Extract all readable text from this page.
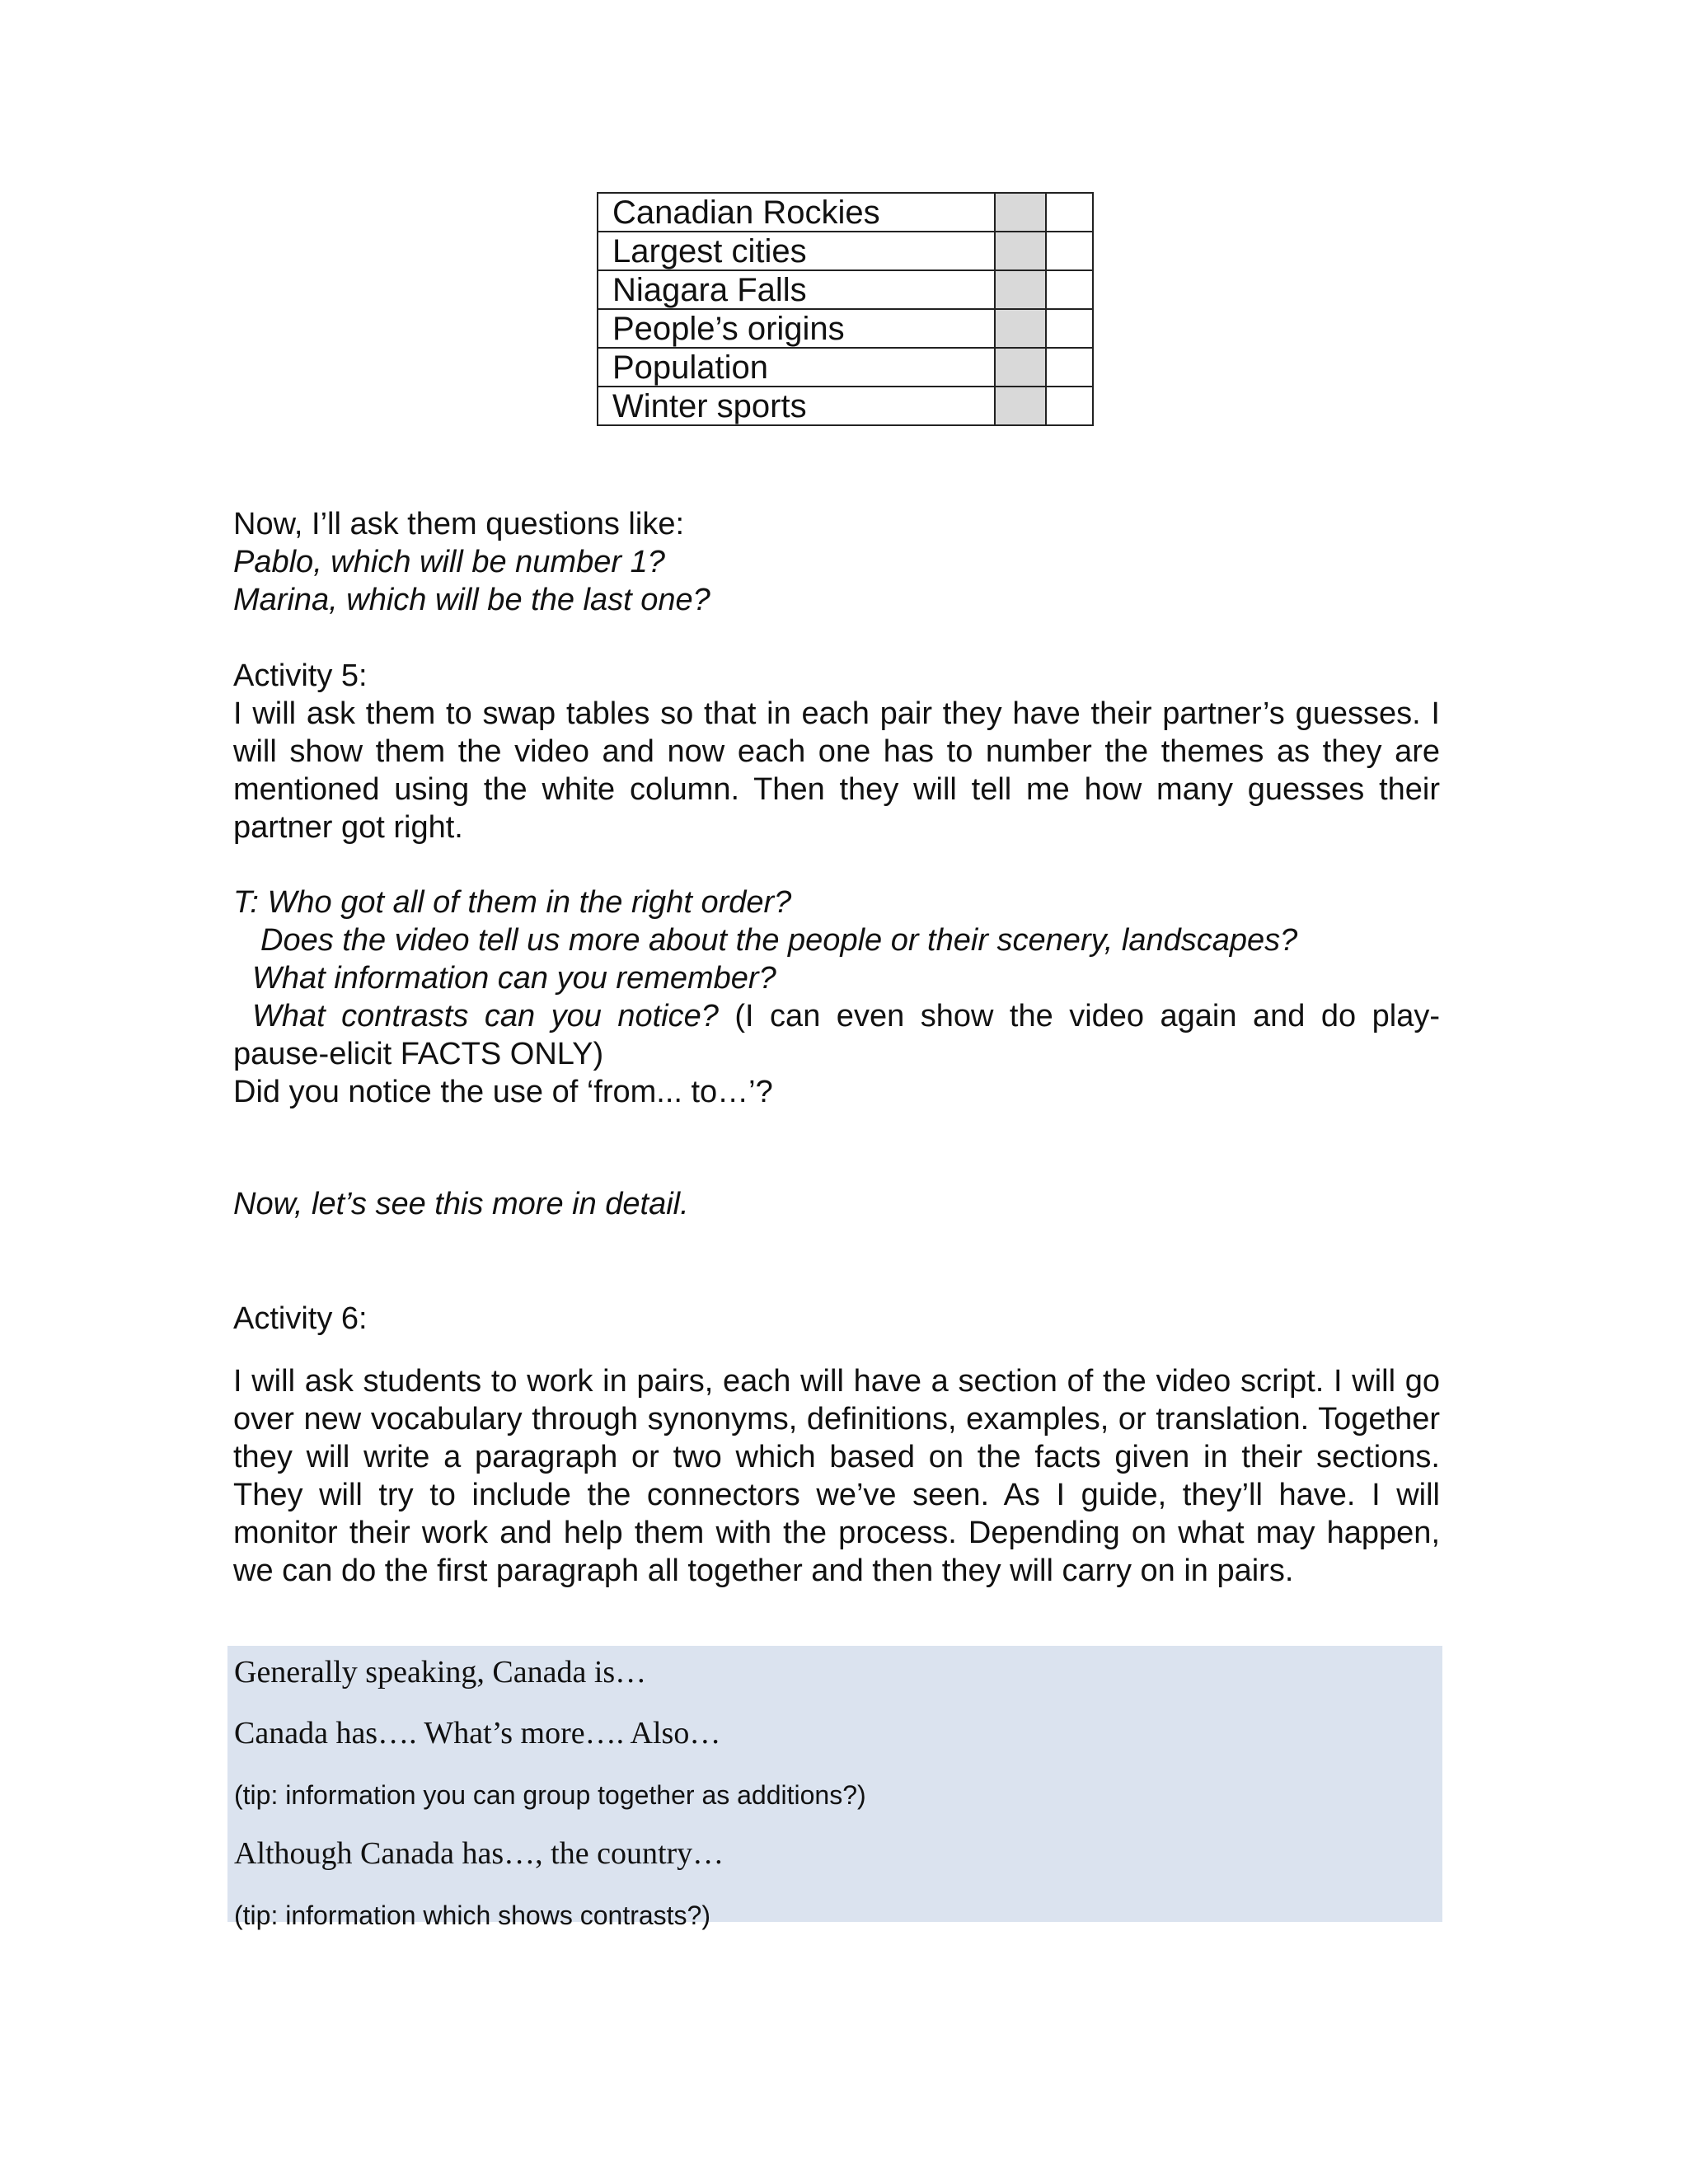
Canadian Rockies		
Largest cities		
Niagara Falls		
People’s origins		
Population		
Winter sports		
Now, I’ll ask them questions like:
Pablo, which will be number 1?
Marina, which will be the last one?
Activity 5:
I will ask them to swap tables so that in each pair they have their partner’s guesses. I will show them the video and now each one has to number the themes as they are mentioned using the white column. Then they will tell me how many guesses their partner got right.
T: Who got all of them in the right order?
Does the video tell us more about the people or their scenery, landscapes?
What information can you remember?
What contrasts can you notice? (I can even show the video again and do play-
pause-elicit FACTS ONLY)
Did you notice the use of ‘from... to…’?
Now, let’s see this more in detail.
Activity 6:
I will ask students to work in pairs, each will have a section of the video script. I will go over new vocabulary through synonyms, definitions, examples, or translation. Together they will write a paragraph or two which based on the facts given in their sections. They will try to include the connectors we’ve seen. As I guide, they’ll have. I will monitor their work and help them with the process. Depending on what may happen, we can do the first paragraph all together and then they will carry on in pairs.
Generally speaking, Canada is…
Canada has…. What’s more…. Also…
(tip: information you can group together as additions?)
Although Canada has…, the country…
(tip: information which shows contrasts?)
